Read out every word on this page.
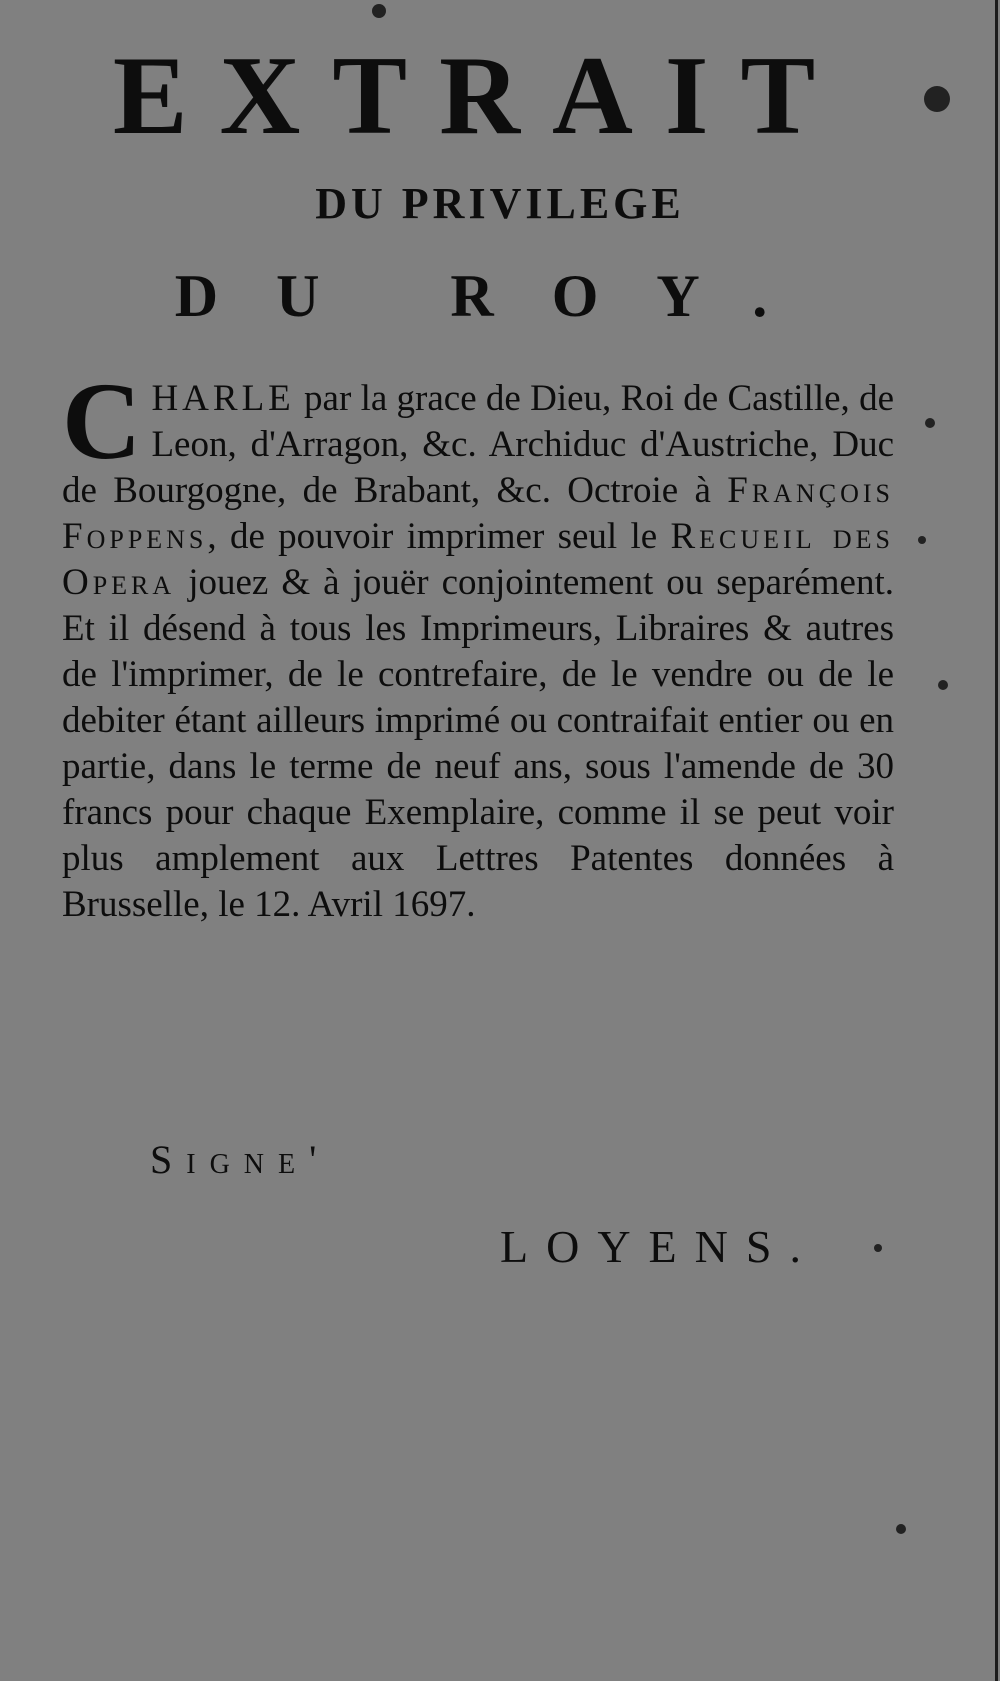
EXTRAIT
DU PRIVILEGE
DU ROY.

CHARLE par la grace de Dieu, Roi de Castille, de Leon, d'Arragon, &c. Archiduc d'Austriche, Duc de Bourgogne, de Brabant, &c. Octroie à François Foppens, de pouvoir imprimer seul le Recueil des Opera jouez & à jouër conjointement ou separément. Et il désend à tous les Imprimeurs, Libraires & autres de l'imprimer, de le contrefaire, de le vendre ou de le debiter étant ailleurs imprimé ou contraifait entier ou en partie, dans le terme de neuf ans, sous l'amende de 30 francs pour chaque Exemplaire, comme il se peut voir plus amplement aux Lettres Patentes données à Brusselle, le 12. Avril 1697.

Signe'

LOYENS.
